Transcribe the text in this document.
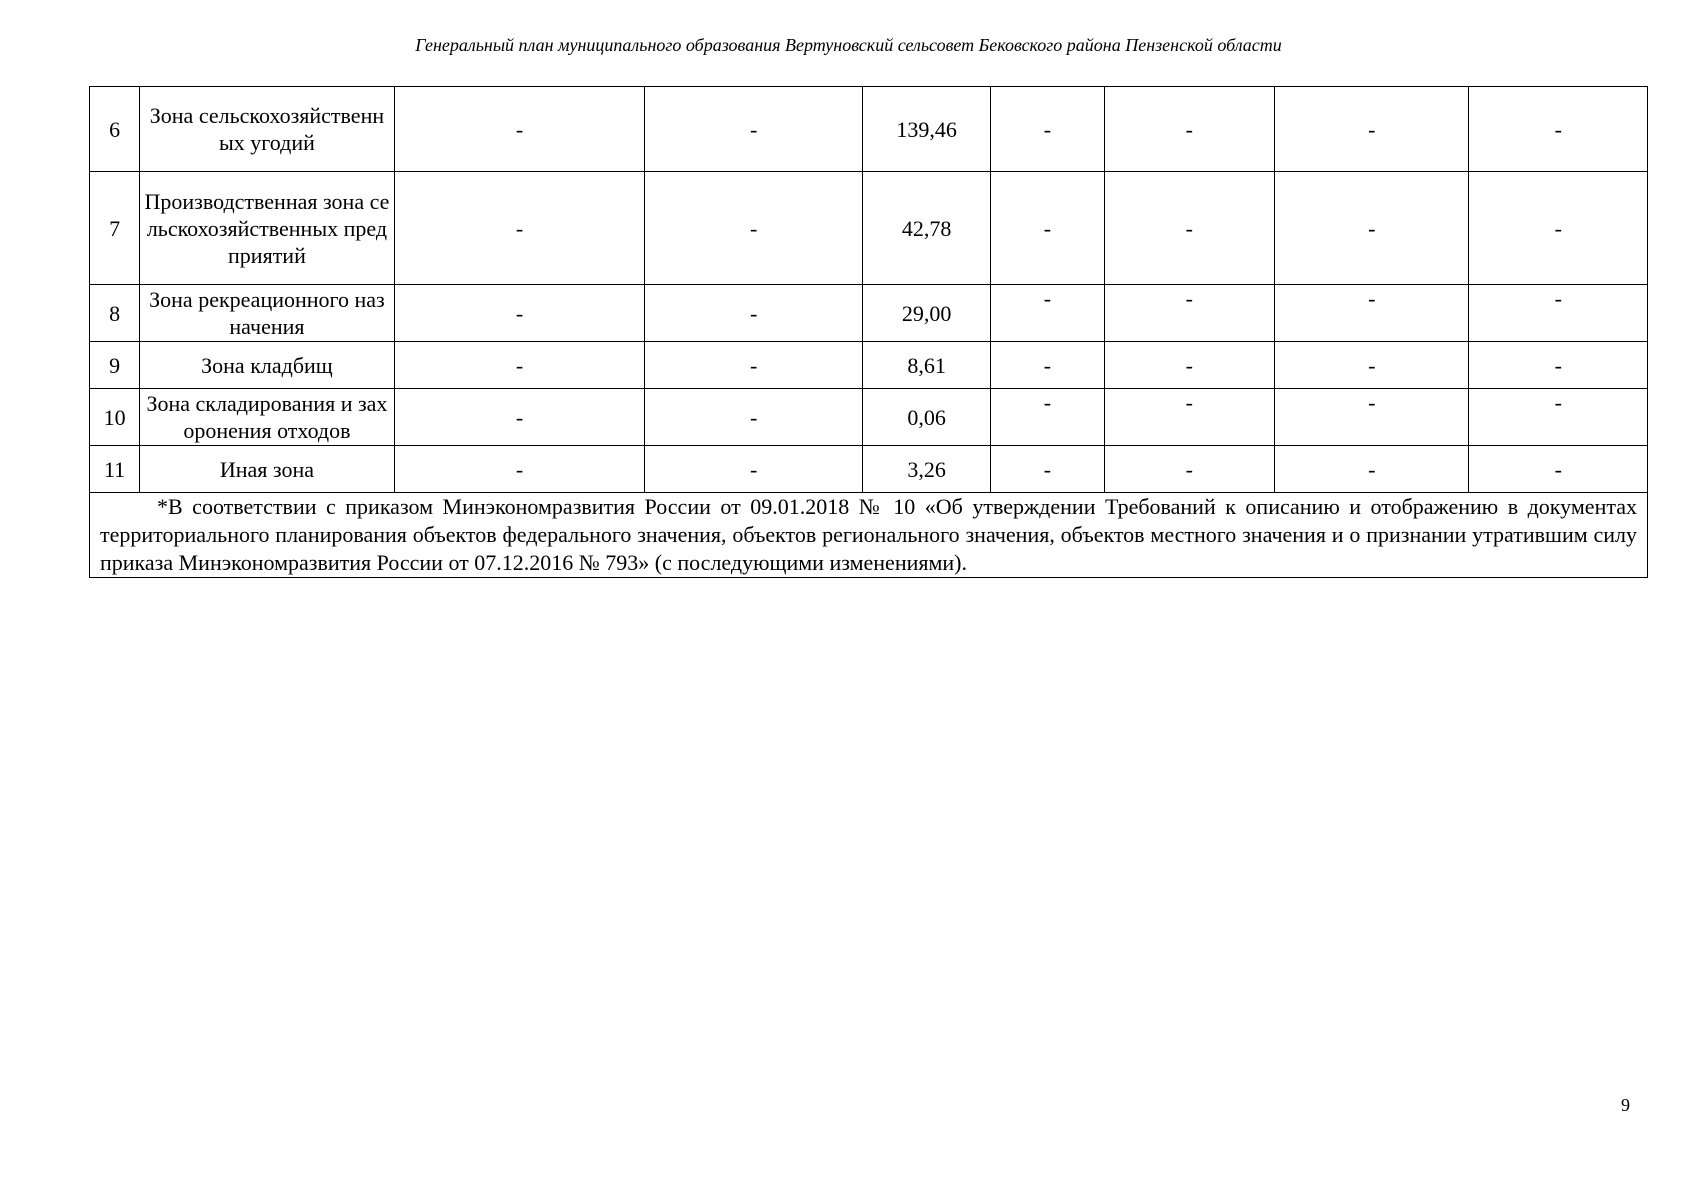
Генеральный план муниципального образования Вертуновский сельсовет Бековского района Пензенской области
6	Зона сельскохозяйственных угодий	-	-	139,46	-	-	-	-
7	Производственная зона сельскохозяйственных предприятий	-	-	42,78	-	-	-	-
8	Зона рекреационного назначения	-	-	29,00	-	-	-	-
9	Зона кладбищ	-	-	8,61	-	-	-	-
10	Зона складирования и захоронения отходов	-	-	0,06	-	-	-	-
11	Иная зона	-	-	3,26	-	-	-	-

*В соответствии с приказом Минэкономразвития России от 09.01.2018 № 10 «Об утверждении Требований к описанию и отображению в документах территориального планирования объектов федерального значения, объектов регионального значения, объектов местного значения и о признании утратившим силу приказа Минэкономразвития России от 07.12.2016 № 793» (с последующими изменениями).								
9
